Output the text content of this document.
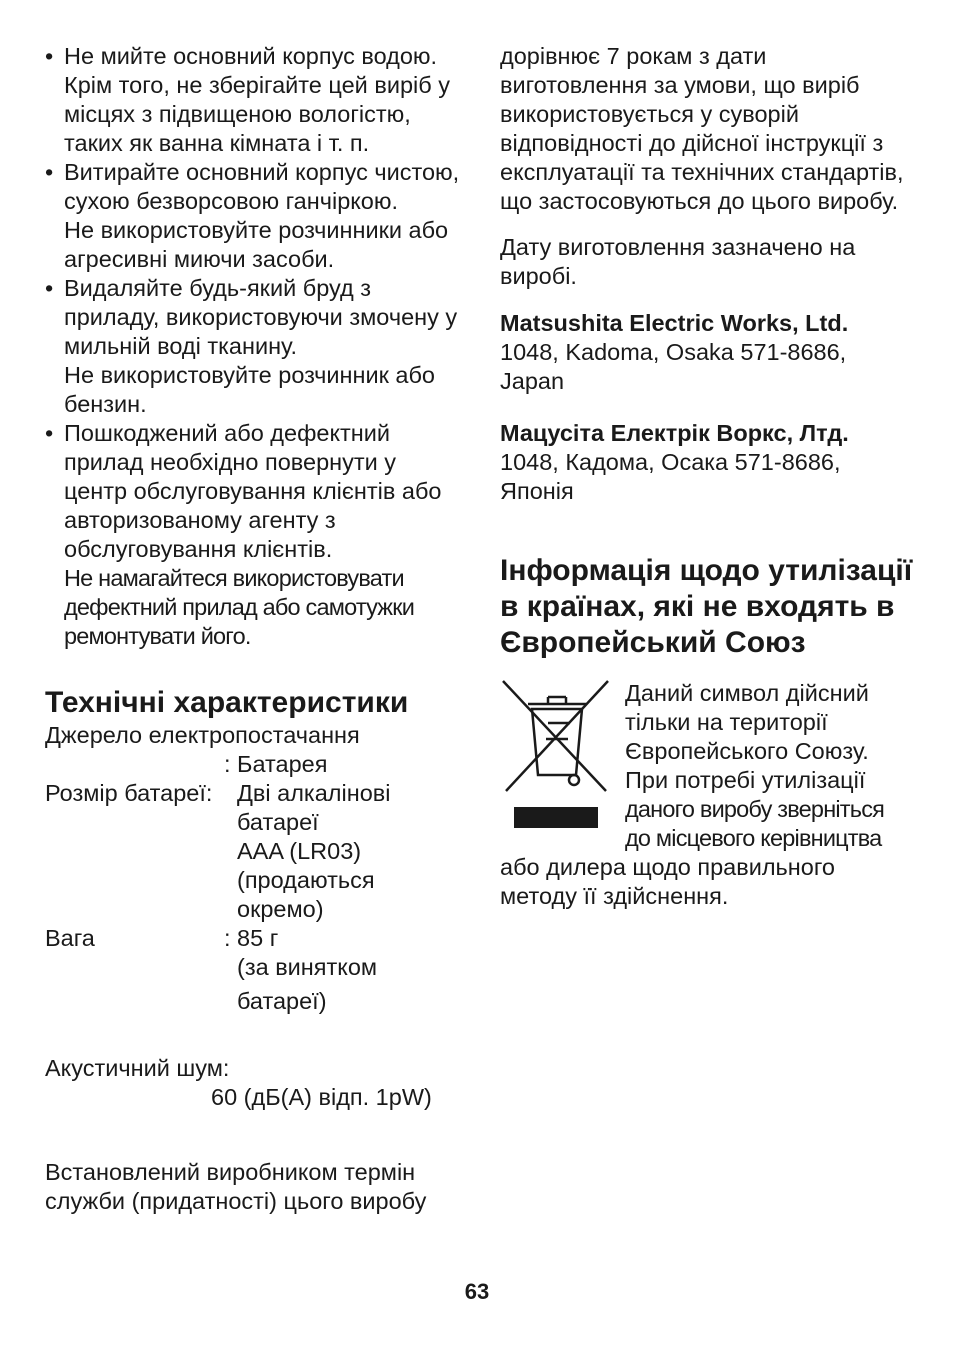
• Не мийте основний корпус водою.

Крім того, не зберігайте цей виріб у місцях з підвищеною вологістю, таких як ванна кімната і т. п.

• Витирайте основний корпус чистою, сухою безворсовою ганчіркою.

Не використовуйте розчинники або агресивні миючи засоби.

• Видаляйте будь-який бруд з приладу, використовуючи змочену у мильній воді тканину.

Не використовуйте розчинник або бензин.

• Пошкоджений або дефектний прилад необхідно повернути у центр обслуговування клієнтів або авторизованому агенту з обслуговування клієнтів.

Не намагайтеся використовувати дефектний прилад або самотужки ремонтувати його.

Технічні характеристики

Джерело електропостачання

	: Батарея
Розмір батареї:	Дві алкалінові
батареї
AAA (LR03)
(продаються
окремо)

Вага	: 85 г
(за винятком
батареї)

Акустичний шум:

60 (дБ(А) відп. 1pW)

Встановлений виробником термін служби (придатності) цього виробу

дорівнює 7 рокам з дати виготовлення за умови, що виріб використовується у суворій відповідності до дійсної інструкції з експлуатації та технічних стандартів, що застосовуються до цього виробу.

Дату виготовлення зазначено на виробі.

Matsushita Electric Works, Ltd.

1048, Kadoma, Osaka 571-8686,

Japan

Мацусіта Електрік Воркс, Лтд.

1048, Кадома, Осака 571-8686,

Японія

Інформація щодо утилізації
в країнах, які не входять в
Європейський Союз

Даний символ дійсний

тільки на території

Європейського Союзу.

При потребі утилізації

даного виробу зверніться

до місцевого керівництва

або дилера щодо правильного

методу її здійснення.

63
